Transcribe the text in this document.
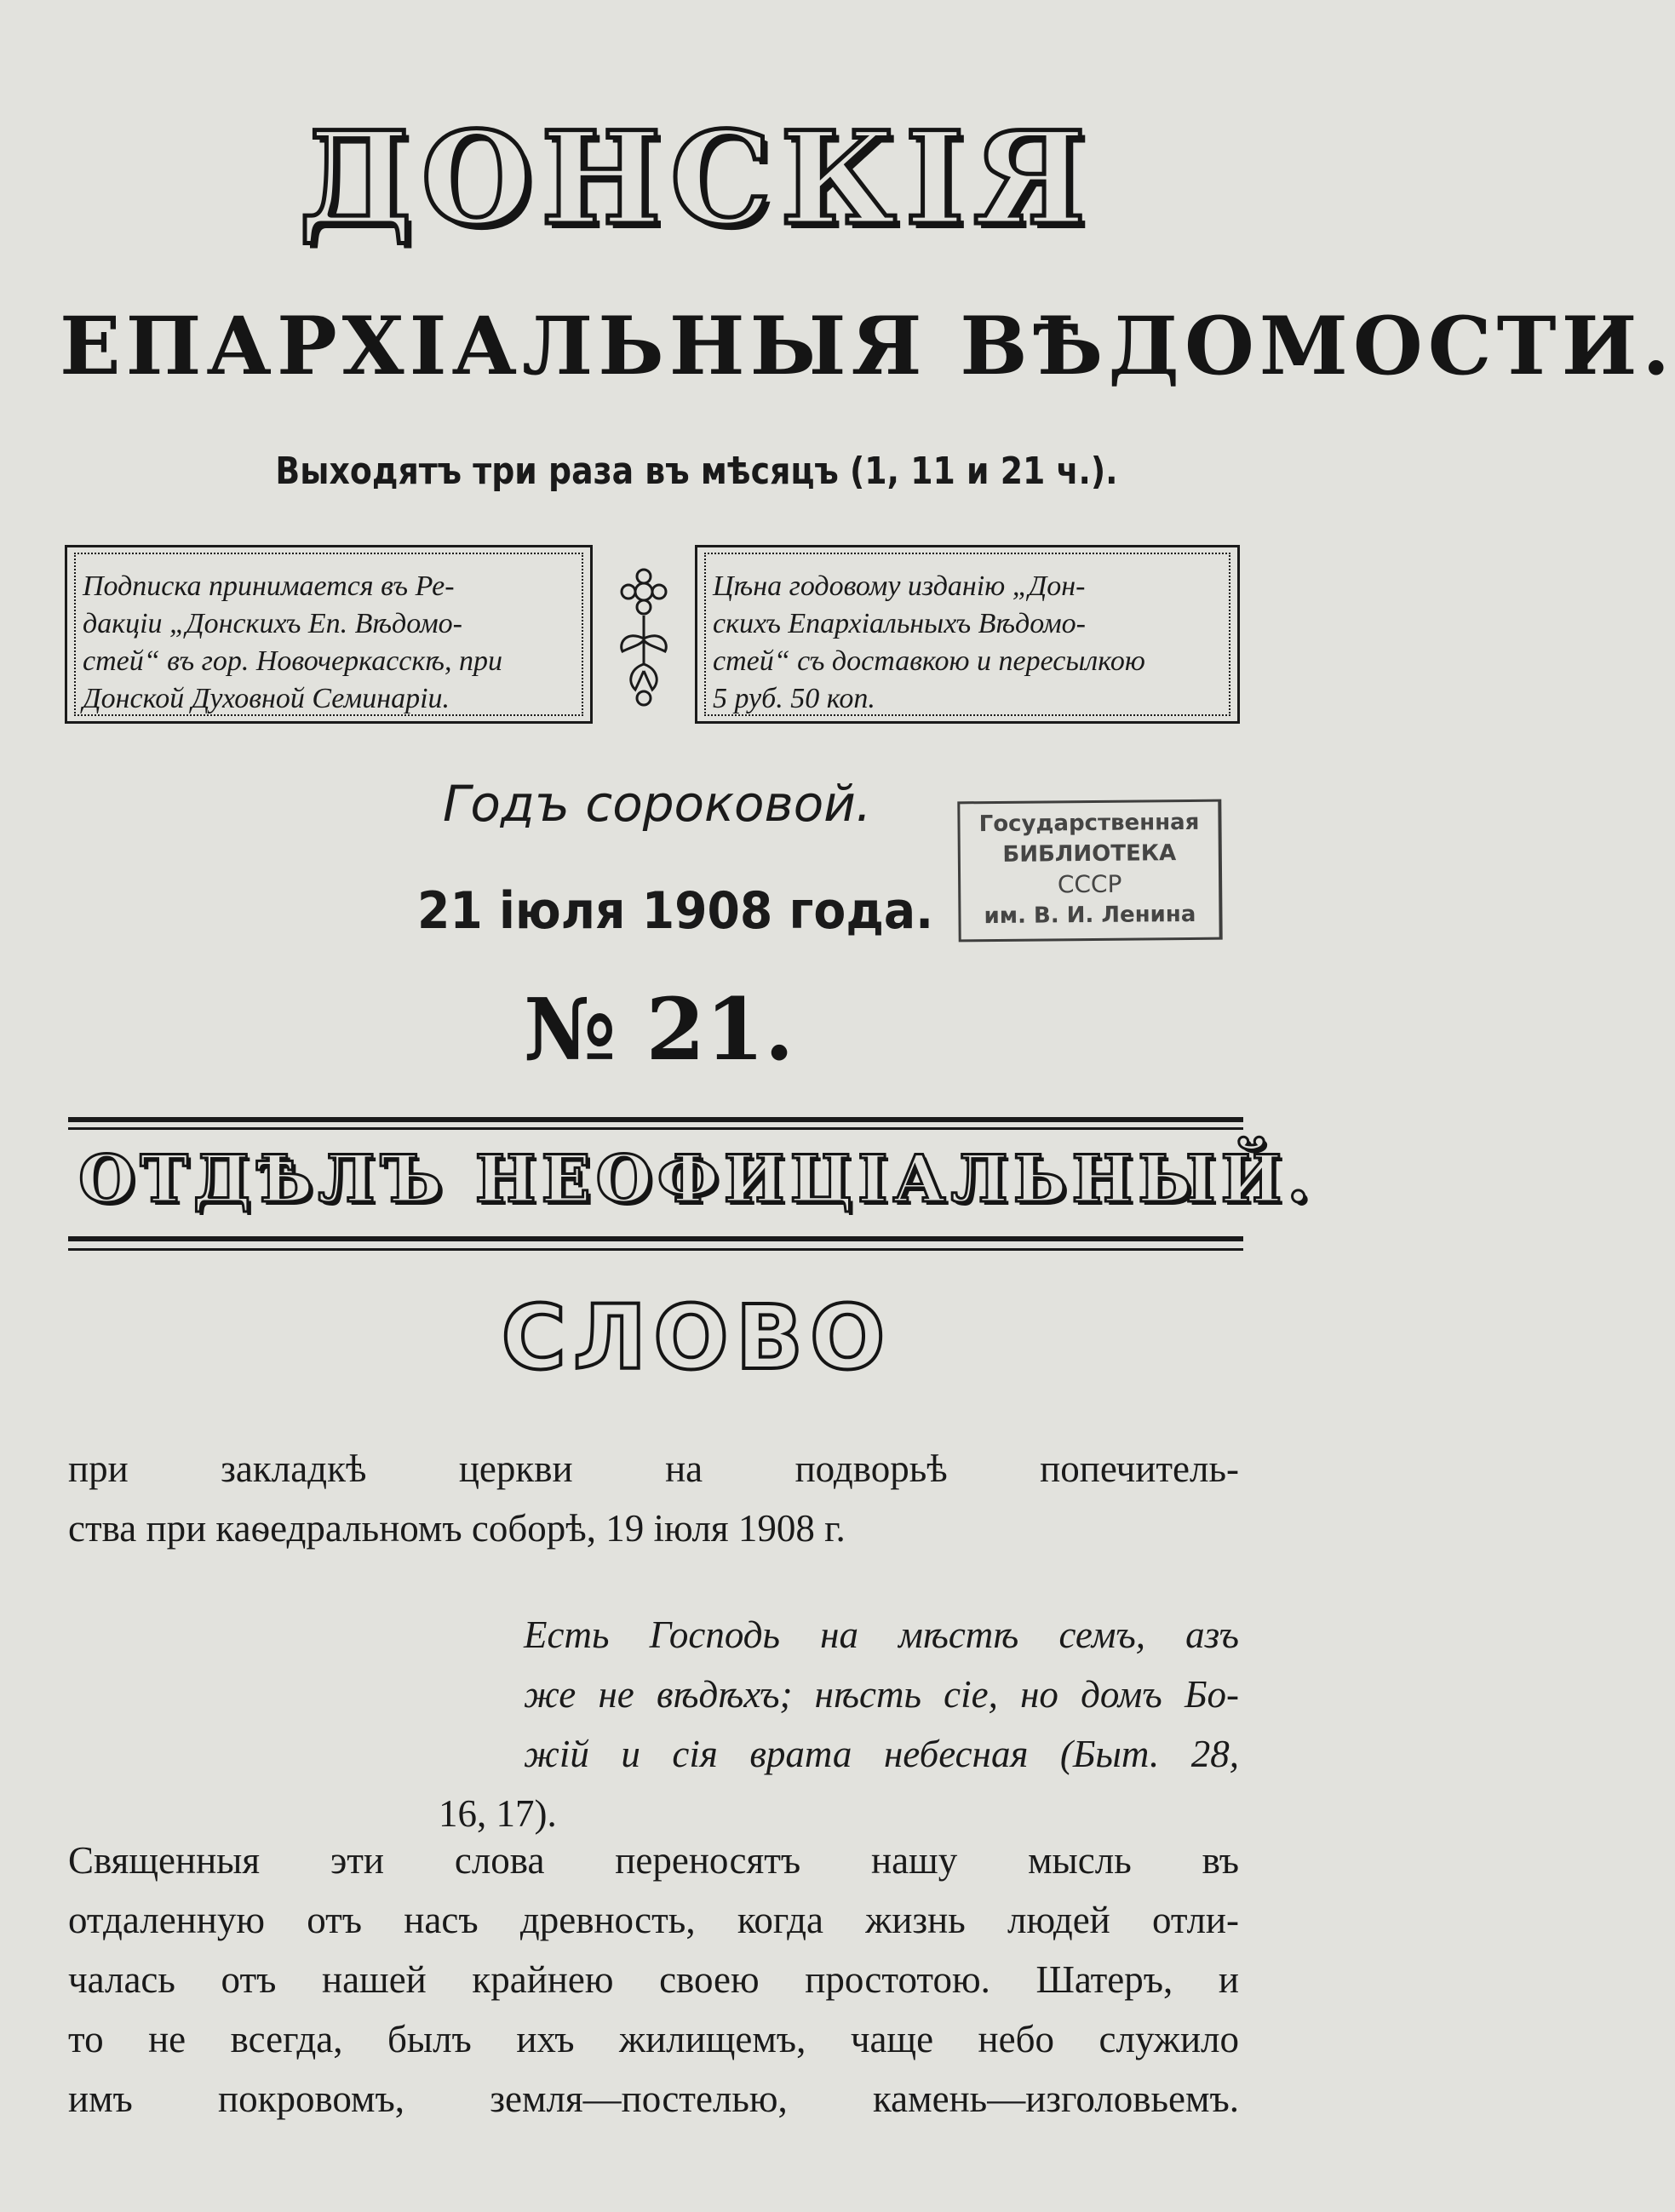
ДОНСКІЯ
ЕПАРХІАЛЬНЫЯ ВѢДОМОСТИ.
Выходятъ три раза въ мѣсяцъ (1, 11 и 21 ч.).
Подписка принимается въ Ре-
дакціи „Донскихъ Еп. Вѣдомо-
стей“ въ гор. Новочеркасскѣ, при
Донской Духовной Семинаріи.
Цѣна годовому изданію „Дон-
скихъ Епархіальныхъ Вѣдомо-
стей“ съ доставкою и пересылкою
5 руб. 50 коп.
Годъ сороковой.
21 іюля 1908 года.
№ 21.
Государственная
БИБЛИОТЕКА
СССР
им. В. И. Ленина
ОТДѢЛЪ НЕОФИЦІАЛЬНЫЙ.
СЛОВО
при закладкѣ церкви на подворьѣ попечитель-
ства при каѳедральномъ соборѣ, 19 іюля 1908 г.
Есть Господь на мѣстѣ семъ, азъ
же не вѣдѣхъ; нѣсть сіе, но домъ Бо-
жій и сія врата небесная (Быт. 28,
16, 17).
Священныя эти слова переносятъ нашу мысль въ
отдаленную отъ насъ древность, когда жизнь людей отли-
чалась отъ нашей крайнею своею простотою. Шатеръ, и
то не всегда, былъ ихъ жилищемъ, чаще небо служило
имъ покровомъ, земля—постелью, камень—изголовьемъ.
